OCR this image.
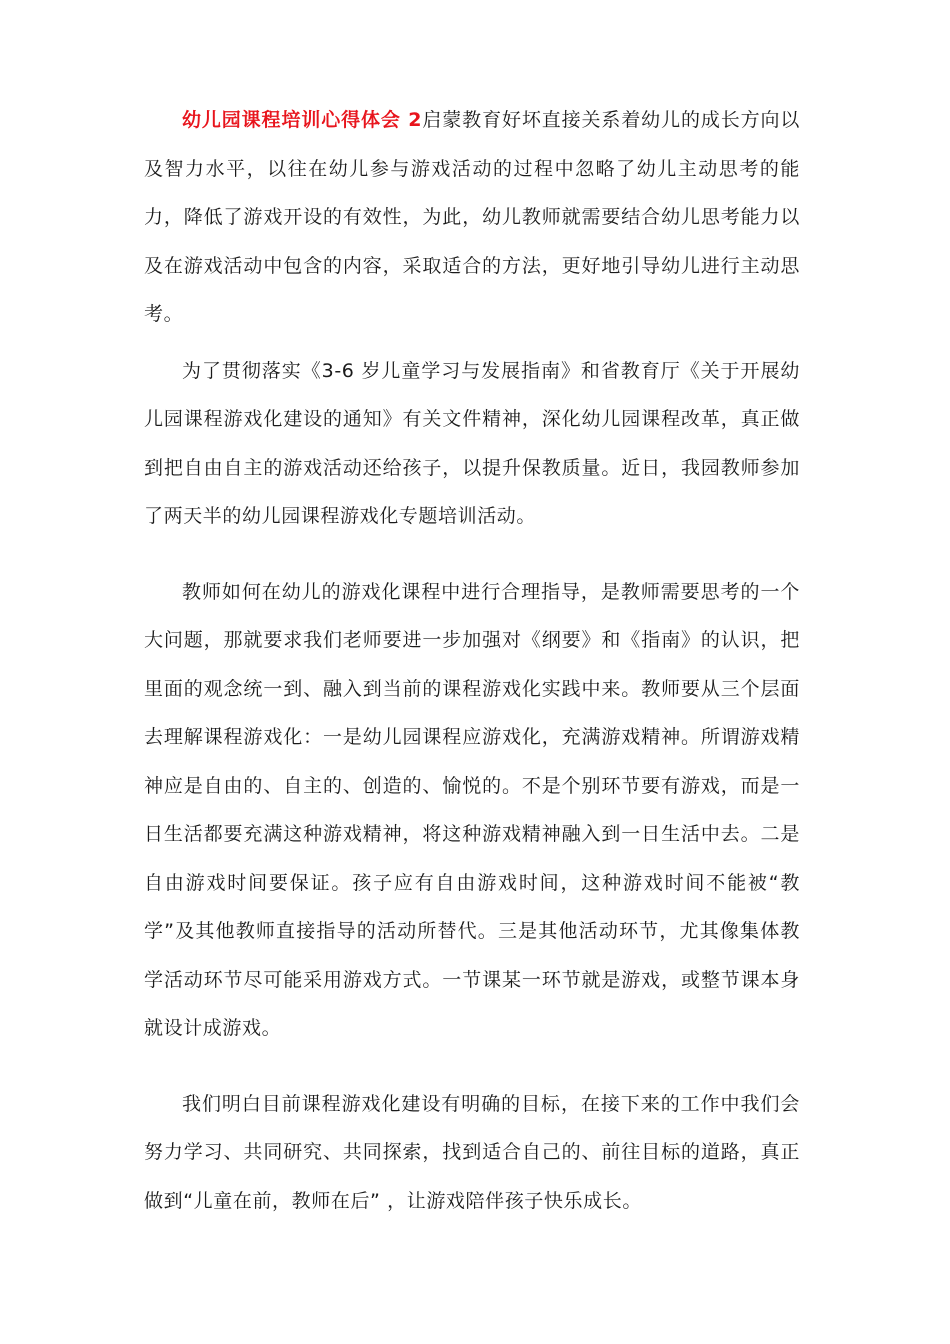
幼儿园课程培训心得体会 2启蒙教育好坏直接关系着幼儿的成长方向以及智力水平，以往在幼儿参与游戏活动的过程中忽略了幼儿主动思考的能力，降低了游戏开设的有效性，为此，幼儿教师就需要结合幼儿思考能力以及在游戏活动中包含的内容，采取适合的方法，更好地引导幼儿进行主动思考。

为了贯彻落实《3-6 岁儿童学习与发展指南》和省教育厅《关于开展幼儿园课程游戏化建设的通知》有关文件精神，深化幼儿园课程改革，真正做到把自由自主的游戏活动还给孩子，以提升保教质量。近日，我园教师参加了两天半的幼儿园课程游戏化专题培训活动。

教师如何在幼儿的游戏化课程中进行合理指导，是教师需要思考的一个大问题，那就要求我们老师要进一步加强对《纲要》和《指南》的认识，把里面的观念统一到、融入到当前的课程游戏化实践中来。教师要从三个层面去理解课程游戏化：一是幼儿园课程应游戏化，充满游戏精神。所谓游戏精神应是自由的、自主的、创造的、愉悦的。不是个别环节要有游戏，而是一日生活都要充满这种游戏精神，将这种游戏精神融入到一日生活中去。二是自由游戏时间要保证。孩子应有自由游戏时间，这种游戏时间不能被“教学”及其他教师直接指导的活动所替代。三是其他活动环节，尤其像集体教学活动环节尽可能采用游戏方式。一节课某一环节就是游戏，或整节课本身就设计成游戏。

我们明白目前课程游戏化建设有明确的目标，在接下来的工作中我们会努力学习、共同研究、共同探索，找到适合自己的、前往目标的道路，真正做到“儿童在前，教师在后” ，让游戏陪伴孩子快乐成长。
